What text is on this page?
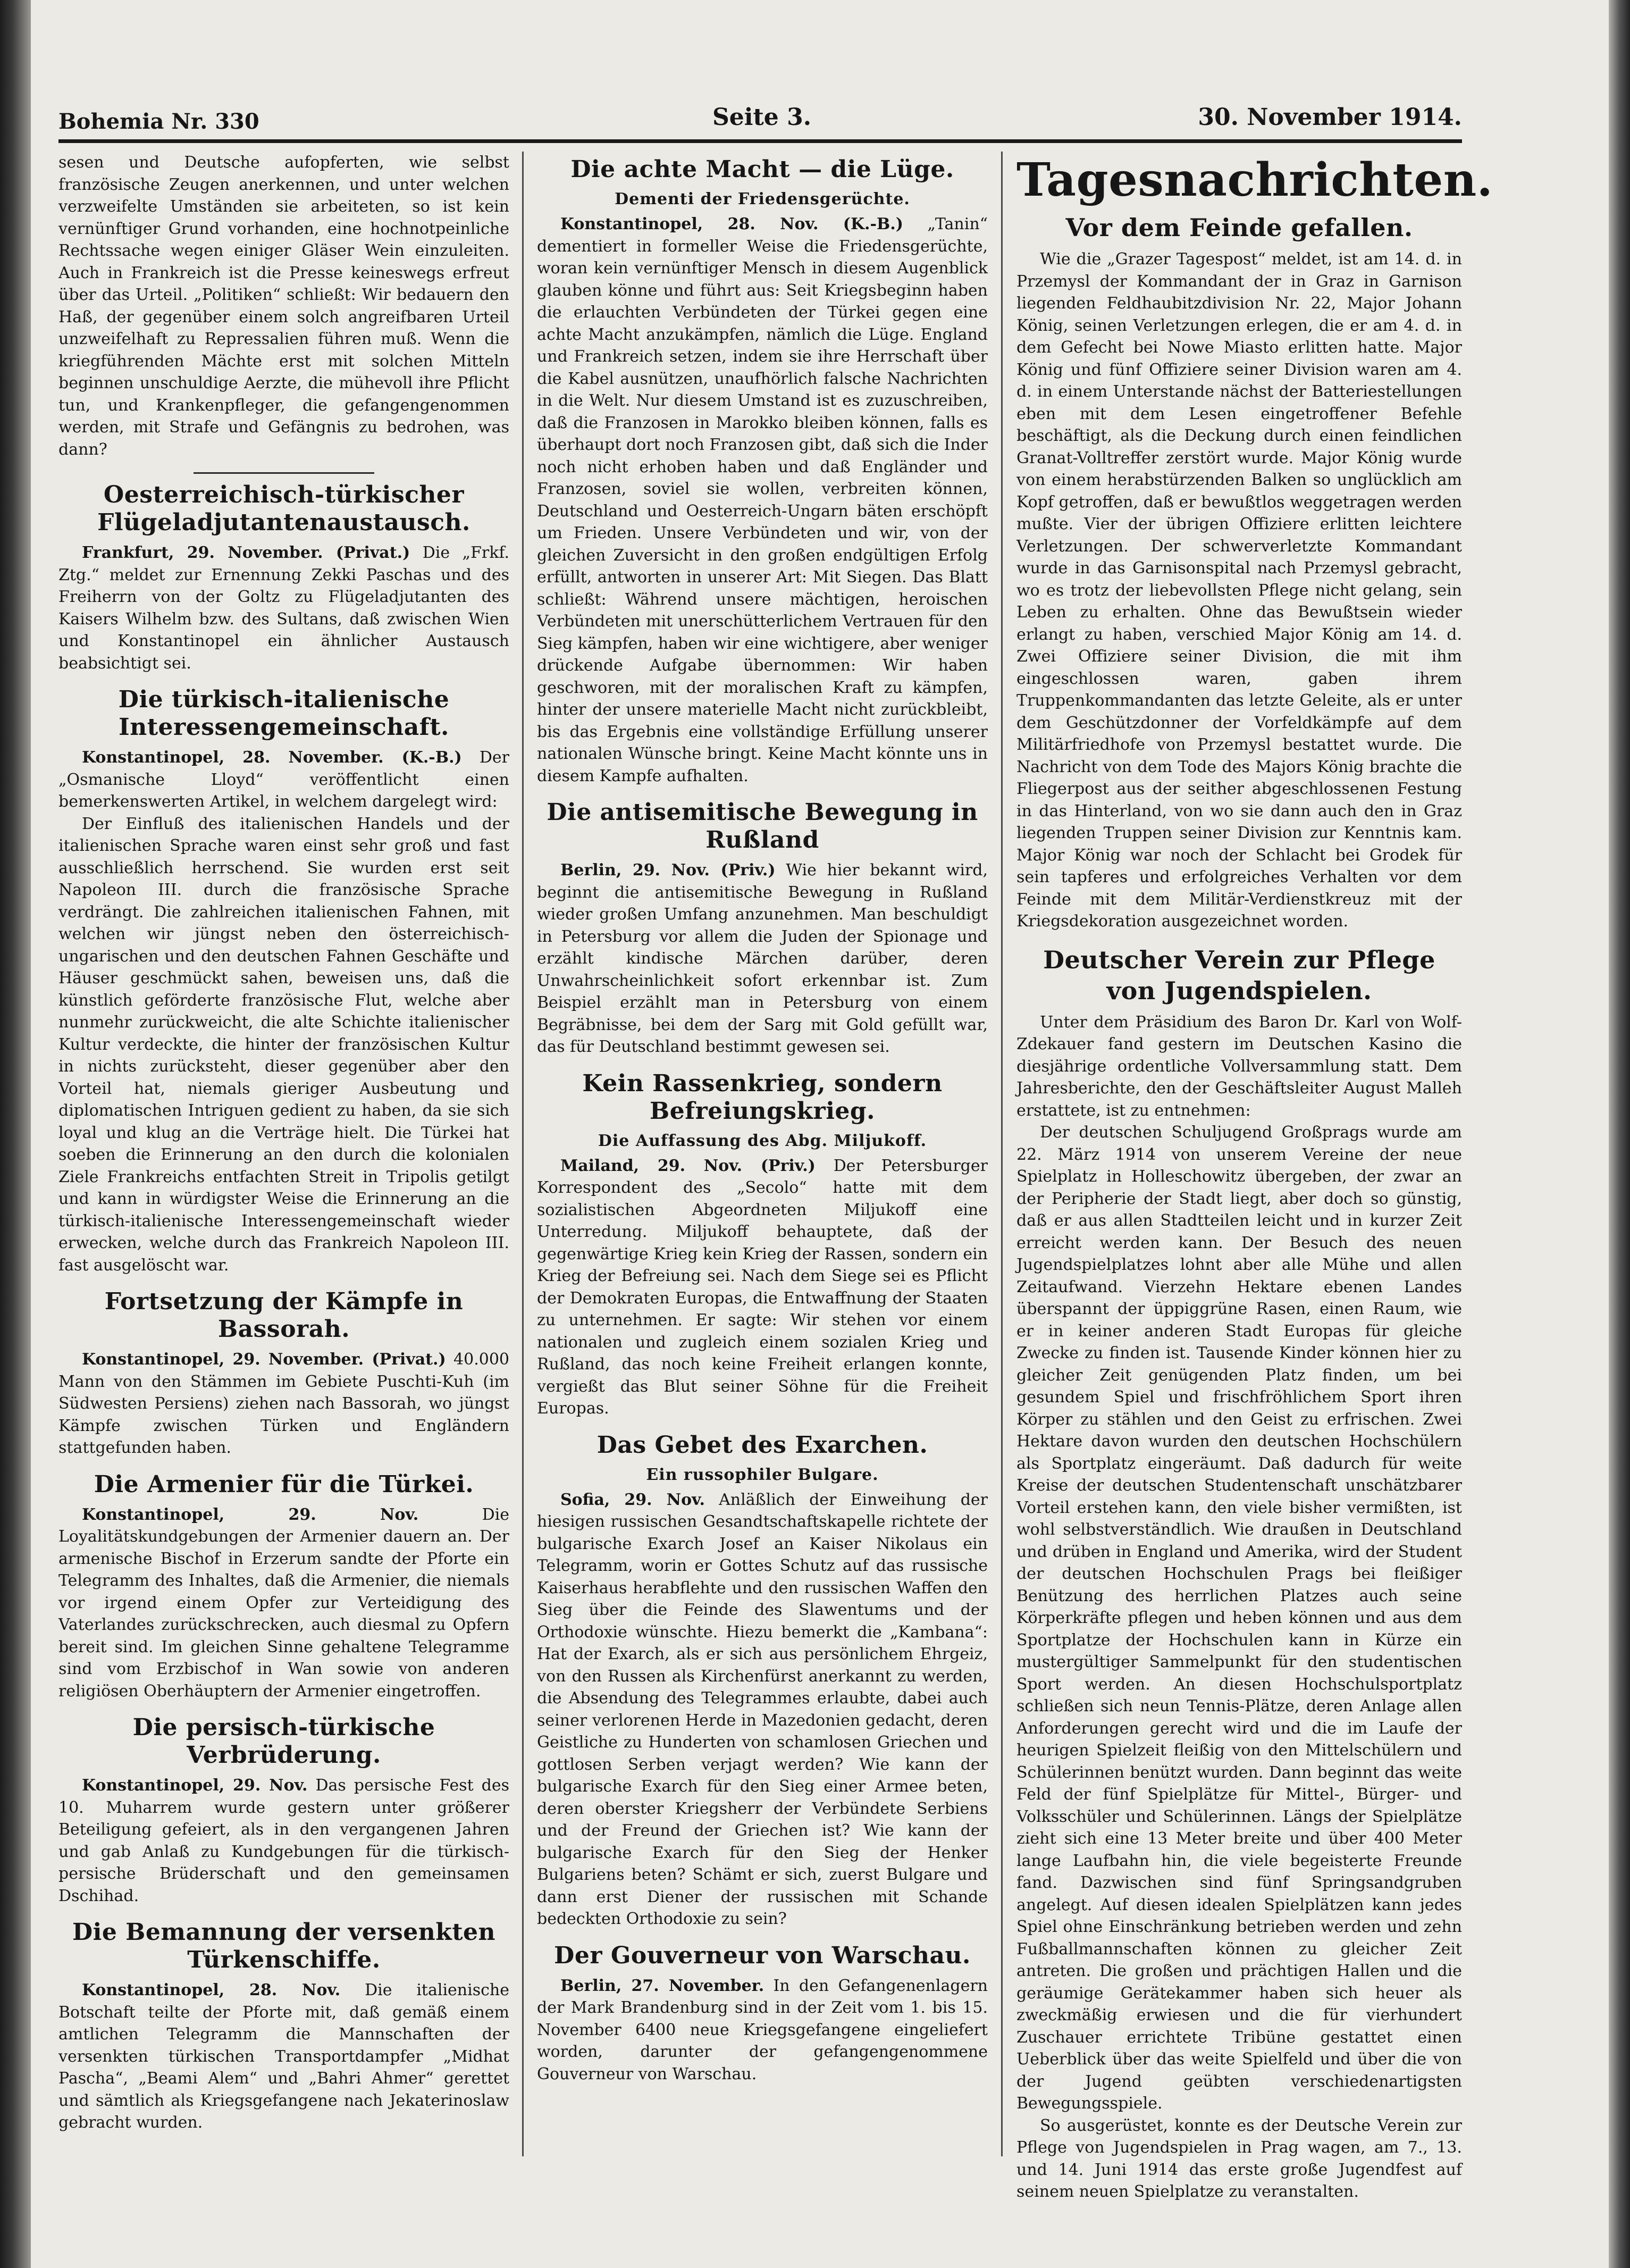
Bohemia Nr. 330	Seite 3.	30. November 1914.

sesen und Deutsche aufopferten, wie selbst französische Zeugen anerkennen, und unter welchen verzweifelte Umständen sie arbeiteten, so ist kein vernünftiger Grund vorhanden, eine hochnotpeinliche Rechtssache wegen einiger Gläser Wein einzuleiten. Auch in Frankreich ist die Presse keineswegs erfreut über das Urteil. „Politiken“ schließt: Wir bedauern den Haß, der gegenüber einem solch angreifbaren Urteil unzweifelhaft zu Repressalien führen muß. Wenn die kriegführenden Mächte erst mit solchen Mitteln beginnen unschuldige Aerzte, die mühevoll ihre Pflicht tun, und Krankenpfleger, die gefangengenommen werden, mit Strafe und Gefängnis zu bedrohen, was dann?

Oesterreichisch-türkischer Flügeladjutantenaustausch.

Frankfurt, 29. November. (Privat.) Die „Frkf. Ztg.“ meldet zur Ernennung Zekki Paschas und des Freiherrn von der Goltz zu Flügeladjutanten des Kaisers Wilhelm bzw. des Sultans, daß zwischen Wien und Konstantinopel ein ähnlicher Austausch beabsichtigt sei.

Die türkisch-italienische Interessengemeinschaft.

Konstantinopel, 28. November. (K.-B.) Der „Osmanische Lloyd“ veröffentlicht einen bemerkenswerten Artikel, in welchem dargelegt wird:

Der Einfluß des italienischen Handels und der italienischen Sprache waren einst sehr groß und fast ausschließlich herrschend. Sie wurden erst seit Napoleon III. durch die französische Sprache verdrängt. Die zahlreichen italienischen Fahnen, mit welchen wir jüngst neben den österreichisch-ungarischen und den deutschen Fahnen Geschäfte und Häuser geschmückt sahen, beweisen uns, daß die künstlich geförderte französische Flut, welche aber nunmehr zurückweicht, die alte Schichte italienischer Kultur verdeckte, die hinter der französischen Kultur in nichts zurücksteht, dieser gegenüber aber den Vorteil hat, niemals gieriger Ausbeutung und diplomatischen Intriguen gedient zu haben, da sie sich loyal und klug an die Verträge hielt. Die Türkei hat soeben die Erinnerung an den durch die kolonialen Ziele Frankreichs entfachten Streit in Tripolis getilgt und kann in würdigster Weise die Erinnerung an die türkisch-italienische Interessengemeinschaft wieder erwecken, welche durch das Frankreich Napoleon III. fast ausgelöscht war.

Fortsetzung der Kämpfe in Bassorah.

Konstantinopel, 29. November. (Privat.) 40.000 Mann von den Stämmen im Gebiete Puschti-Kuh (im Südwesten Persiens) ziehen nach Bassorah, wo jüngst Kämpfe zwischen Türken und Engländern stattgefunden haben.

Die Armenier für die Türkei.

Konstantinopel, 29. Nov.	Die Loyalitätskundgebungen der Armenier dauern an. Der armenische Bischof in Erzerum sandte der Pforte ein Telegramm des Inhaltes, daß die Armenier, die niemals vor irgend einem Opfer zur Verteidigung des Vaterlandes zurückschrecken, auch diesmal zu Opfern bereit sind. Im gleichen Sinne gehaltene Telegramme sind vom Erzbischof in Wan sowie von anderen religiösen Oberhäuptern der Armenier eingetroffen.

Die persisch-türkische Verbrüderung.

Konstantinopel, 29. Nov. Das persische Fest des 10. Muharrem wurde gestern unter größerer Beteiligung gefeiert, als in den vergangenen Jahren und gab Anlaß zu Kundgebungen für die türkisch-persische Brüderschaft und den gemeinsamen Dschihad.

Die Bemannung der versenkten Türkenschiffe.

Konstantinopel, 28. Nov. Die italienische Botschaft teilte der Pforte mit, daß gemäß einem amtlichen Telegramm die Mannschaften der versenkten türkischen Transportdampfer „Midhat Pascha“, „Beami Alem“ und „Bahri Ahmer“ gerettet und sämtlich als Kriegsgefangene nach Jekaterinoslaw gebracht wurden.

Die achte Macht — die Lüge.
Dementi der Friedensgerüchte.

Konstantinopel, 28. Nov. (K.-B.) „Tanin“ dementiert in formeller Weise die Friedensgerüchte, woran kein vernünftiger Mensch in diesem Augenblick glauben könne und führt aus: Seit Kriegsbeginn haben die erlauchten Verbündeten der Türkei gegen eine achte Macht anzukämpfen, nämlich die Lüge. England und Frankreich setzen, indem sie ihre Herrschaft über die Kabel ausnützen, unaufhörlich falsche Nachrichten in die Welt. Nur diesem Umstand ist es zuzuschreiben, daß die Franzosen in Marokko bleiben können, falls es überhaupt dort noch Franzosen gibt, daß sich die Inder noch nicht erhoben haben und daß Engländer und Franzosen, soviel sie wollen, verbreiten können, Deutschland und Oesterreich-Ungarn bäten erschöpft um Frieden. Unsere Verbündeten und wir, von der gleichen Zuversicht in den großen endgültigen Erfolg erfüllt, antworten in unserer Art: Mit Siegen. Das Blatt schließt: Während unsere mächtigen, heroischen Verbündeten mit unerschütterlichem Vertrauen für den Sieg kämpfen, haben wir eine wichtigere, aber weniger drückende Aufgabe übernommen: Wir haben geschworen, mit der moralischen Kraft zu kämpfen, hinter der unsere materielle Macht nicht zurückbleibt, bis das Ergebnis eine vollständige Erfüllung unserer nationalen Wünsche bringt. Keine Macht könnte uns in diesem Kampfe aufhalten.

Die antisemitische Bewegung in Rußland

Berlin, 29. Nov. (Priv.) Wie hier bekannt wird, beginnt die antisemitische Bewegung in Rußland wieder großen Umfang anzunehmen. Man beschuldigt in Petersburg vor allem die Juden der Spionage und erzählt kindische Märchen darüber, deren Unwahrscheinlichkeit sofort erkennbar ist. Zum Beispiel erzählt man in Petersburg von einem Begräbnisse, bei dem der Sarg mit Gold gefüllt war, das für Deutschland bestimmt gewesen sei.

Kein Rassenkrieg, sondern Befreiungskrieg.
Die Auffassung des Abg. Miljukoff.

Mailand, 29. Nov. (Priv.) Der Petersburger Korrespondent des „Secolo“ hatte mit dem sozialistischen Abgeordneten Miljukoff eine Unterredung. Miljukoff behauptete, daß der gegenwärtige Krieg kein Krieg der Rassen, sondern ein Krieg der Befreiung sei. Nach dem Siege sei es Pflicht der Demokraten Europas, die Entwaffnung der Staaten zu unternehmen. Er sagte: Wir stehen vor einem nationalen und zugleich einem sozialen Krieg und Rußland, das noch keine Freiheit erlangen konnte, vergießt das Blut seiner Söhne für die Freiheit Europas.

Das Gebet des Exarchen.
Ein russophiler Bulgare.

Sofia, 29. Nov. Anläßlich der Einweihung der hiesigen russischen Gesandtschaftskapelle richtete der bulgarische Exarch Josef an Kaiser Nikolaus ein Telegramm, worin er Gottes Schutz auf das russische Kaiserhaus herabflehte und den russischen Waffen den Sieg über die Feinde des Slawentums und der Orthodoxie wünschte. Hiezu bemerkt die „Kambana“: Hat der Exarch, als er sich aus persönlichem Ehrgeiz, von den Russen als Kirchenfürst anerkannt zu werden, die Absendung des Telegrammes erlaubte, dabei auch seiner verlorenen Herde in Mazedonien gedacht, deren Geistliche zu Hunderten von schamlosen Griechen und gottlosen Serben verjagt werden? Wie kann der bulgarische Exarch für den Sieg einer Armee beten, deren oberster Kriegsherr der Verbündete Serbiens und der Freund der Griechen ist? Wie kann der bulgarische Exarch für den Sieg der Henker Bulgariens beten? Schämt er sich, zuerst Bulgare und dann erst Diener der russischen mit Schande bedeckten Orthodoxie zu sein?

Der Gouverneur von Warschau.

Berlin, 27. November. In den Gefangenenlagern der Mark Brandenburg sind in der Zeit vom 1. bis 15. November 6400 neue Kriegsgefangene eingeliefert worden, darunter der gefangengenommene Gouverneur von Warschau.

Tagesnachrichten.
Vor dem Feinde gefallen.

Wie die „Grazer Tagespost“ meldet, ist am 14. d. in Przemysl der Kommandant der in Graz in Garnison liegenden Feldhaubitzdivision Nr. 22, Major Johann König, seinen Verletzungen erlegen, die er am 4. d. in dem Gefecht bei Nowe Miasto erlitten hatte. Major König und fünf Offiziere seiner Division waren am 4. d. in einem Unterstande nächst der Batteriestellungen eben mit dem Lesen eingetroffener Befehle beschäftigt, als die Deckung durch einen feindlichen Granat-Volltreffer zerstört wurde. Major König wurde von einem herabstürzenden Balken so unglücklich am Kopf getroffen, daß er bewußtlos weggetragen werden mußte. Vier der übrigen Offiziere erlitten leichtere Verletzungen. Der schwerverletzte Kommandant wurde in das Garnisonspital nach Przemysl gebracht, wo es trotz der liebevollsten Pflege nicht gelang, sein Leben zu erhalten. Ohne das Bewußtsein wieder erlangt zu haben, verschied Major König am 14. d. Zwei Offiziere seiner Division, die mit ihm eingeschlossen waren, gaben ihrem Truppenkommandanten das letzte Geleite, als er unter dem Geschützdonner der Vorfeldkämpfe auf dem Militärfriedhofe von Przemysl bestattet wurde. Die Nachricht von dem Tode des Majors König brachte die Fliegerpost aus der seither abgeschlossenen Festung in das Hinterland, von wo sie dann auch den in Graz liegenden Truppen seiner Division zur Kenntnis kam. Major König war noch der Schlacht bei Grodek für sein tapferes und erfolgreiches Verhalten vor dem Feinde mit dem Militär-Verdienstkreuz mit der Kriegsdekoration ausgezeichnet worden.

Deutscher Verein zur Pflege von Jugendspielen.

Unter dem Präsidium des Baron Dr. Karl von Wolf-Zdekauer fand gestern im Deutschen Kasino die diesjährige ordentliche Vollversammlung statt. Dem Jahresberichte, den der Geschäftsleiter August Malleh erstattete, ist zu entnehmen:

Der deutschen Schuljugend Großprags wurde am 22. März 1914 von unserem Vereine der neue Spielplatz in Holleschowitz übergeben, der zwar an der Peripherie der Stadt liegt, aber doch so günstig, daß er aus allen Stadtteilen leicht und in kurzer Zeit erreicht werden kann. Der Besuch des neuen Jugendspielplatzes lohnt aber alle Mühe und allen Zeitaufwand. Vierzehn Hektare ebenen Landes überspannt der üppiggrüne Rasen, einen Raum, wie er in keiner anderen Stadt Europas für gleiche Zwecke zu finden ist. Tausende Kinder können hier zu gleicher Zeit genügenden Platz finden, um bei gesundem Spiel und frischfröhlichem Sport ihren Körper zu stählen und den Geist zu erfrischen. Zwei Hektare davon wurden den deutschen Hochschülern als Sportplatz eingeräumt. Daß dadurch für weite Kreise der deutschen Studentenschaft unschätzbarer Vorteil erstehen kann, den viele bisher vermißten, ist wohl selbstverständlich. Wie draußen in Deutschland und drüben in England und Amerika, wird der Student der deutschen Hochschulen Prags bei fleißiger Benützung des herrlichen Platzes auch seine Körperkräfte pflegen und heben können und aus dem Sportplatze der Hochschulen kann in Kürze ein mustergültiger Sammelpunkt für den studentischen Sport werden. An diesen Hochschulsportplatz schließen sich neun Tennis-Plätze, deren Anlage allen Anforderungen gerecht wird und die im Laufe der heurigen Spielzeit fleißig von den Mittelschülern und Schülerinnen benützt wurden. Dann beginnt das weite Feld der fünf Spielplätze für Mittel-, Bürger- und Volksschüler und Schülerinnen. Längs der Spielplätze zieht sich eine 13 Meter breite und über 400 Meter lange Laufbahn hin, die viele begeisterte Freunde fand. Dazwischen sind fünf Springsandgruben angelegt. Auf diesen idealen Spielplätzen kann jedes Spiel ohne Einschränkung betrieben werden und zehn Fußballmannschaften können zu gleicher Zeit antreten. Die großen und prächtigen Hallen und die geräumige Gerätekammer haben sich heuer als zweckmäßig erwiesen und die für vierhundert Zuschauer errichtete Tribüne gestattet einen Ueberblick über das weite Spielfeld und über die von der Jugend geübten verschiedenartigsten Bewegungsspiele.

So ausgerüstet, konnte es der Deutsche Verein zur Pflege von Jugendspielen in Prag wagen, am 7., 13. und 14. Juni 1914 das erste große Jugendfest auf seinem neuen Spielplatze zu veranstalten.
